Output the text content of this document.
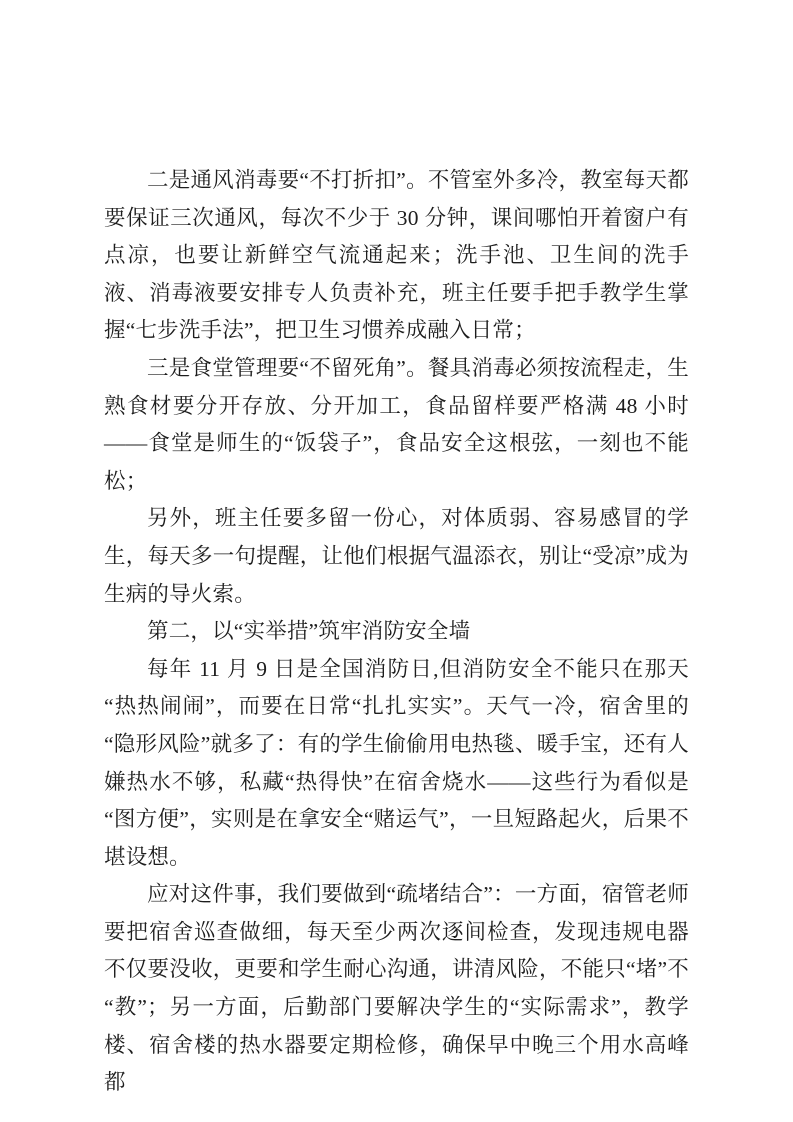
二是通风消毒要“不打折扣”。不管室外多冷，教室每天都要保证三次通风，每次不少于 30 分钟，课间哪怕开着窗户有点凉，也要让新鲜空气流通起来；洗手池、卫生间的洗手液、消毒液要安排专人负责补充，班主任要手把手教学生掌握“七步洗手法”，把卫生习惯养成融入日常；

三是食堂管理要“不留死角”。餐具消毒必须按流程走，生熟食材要分开存放、分开加工，食品留样要严格满 48 小时——食堂是师生的“饭袋子”，食品安全这根弦，一刻也不能松；

另外，班主任要多留一份心，对体质弱、容易感冒的学生，每天多一句提醒，让他们根据气温添衣，别让“受凉”成为生病的导火索。

第二，以“实举措”筑牢消防安全墙

每年 11 月 9 日是全国消防日,但消防安全不能只在那天“热热闹闹”，而要在日常“扎扎实实”。天气一冷，宿舍里的“隐形风险”就多了：有的学生偷偷用电热毯、暖手宝，还有人嫌热水不够，私藏“热得快”在宿舍烧水——这些行为看似是“图方便”，实则是在拿安全“赌运气”，一旦短路起火，后果不堪设想。

应对这件事，我们要做到“疏堵结合”：一方面，宿管老师要把宿舍巡查做细，每天至少两次逐间检查，发现违规电器不仅要没收，更要和学生耐心沟通，讲清风险，不能只“堵”不“教”；另一方面，后勤部门要解决学生的“实际需求”，教学楼、宿舍楼的热水器要定期检修，确保早中晚三个用水高峰都
